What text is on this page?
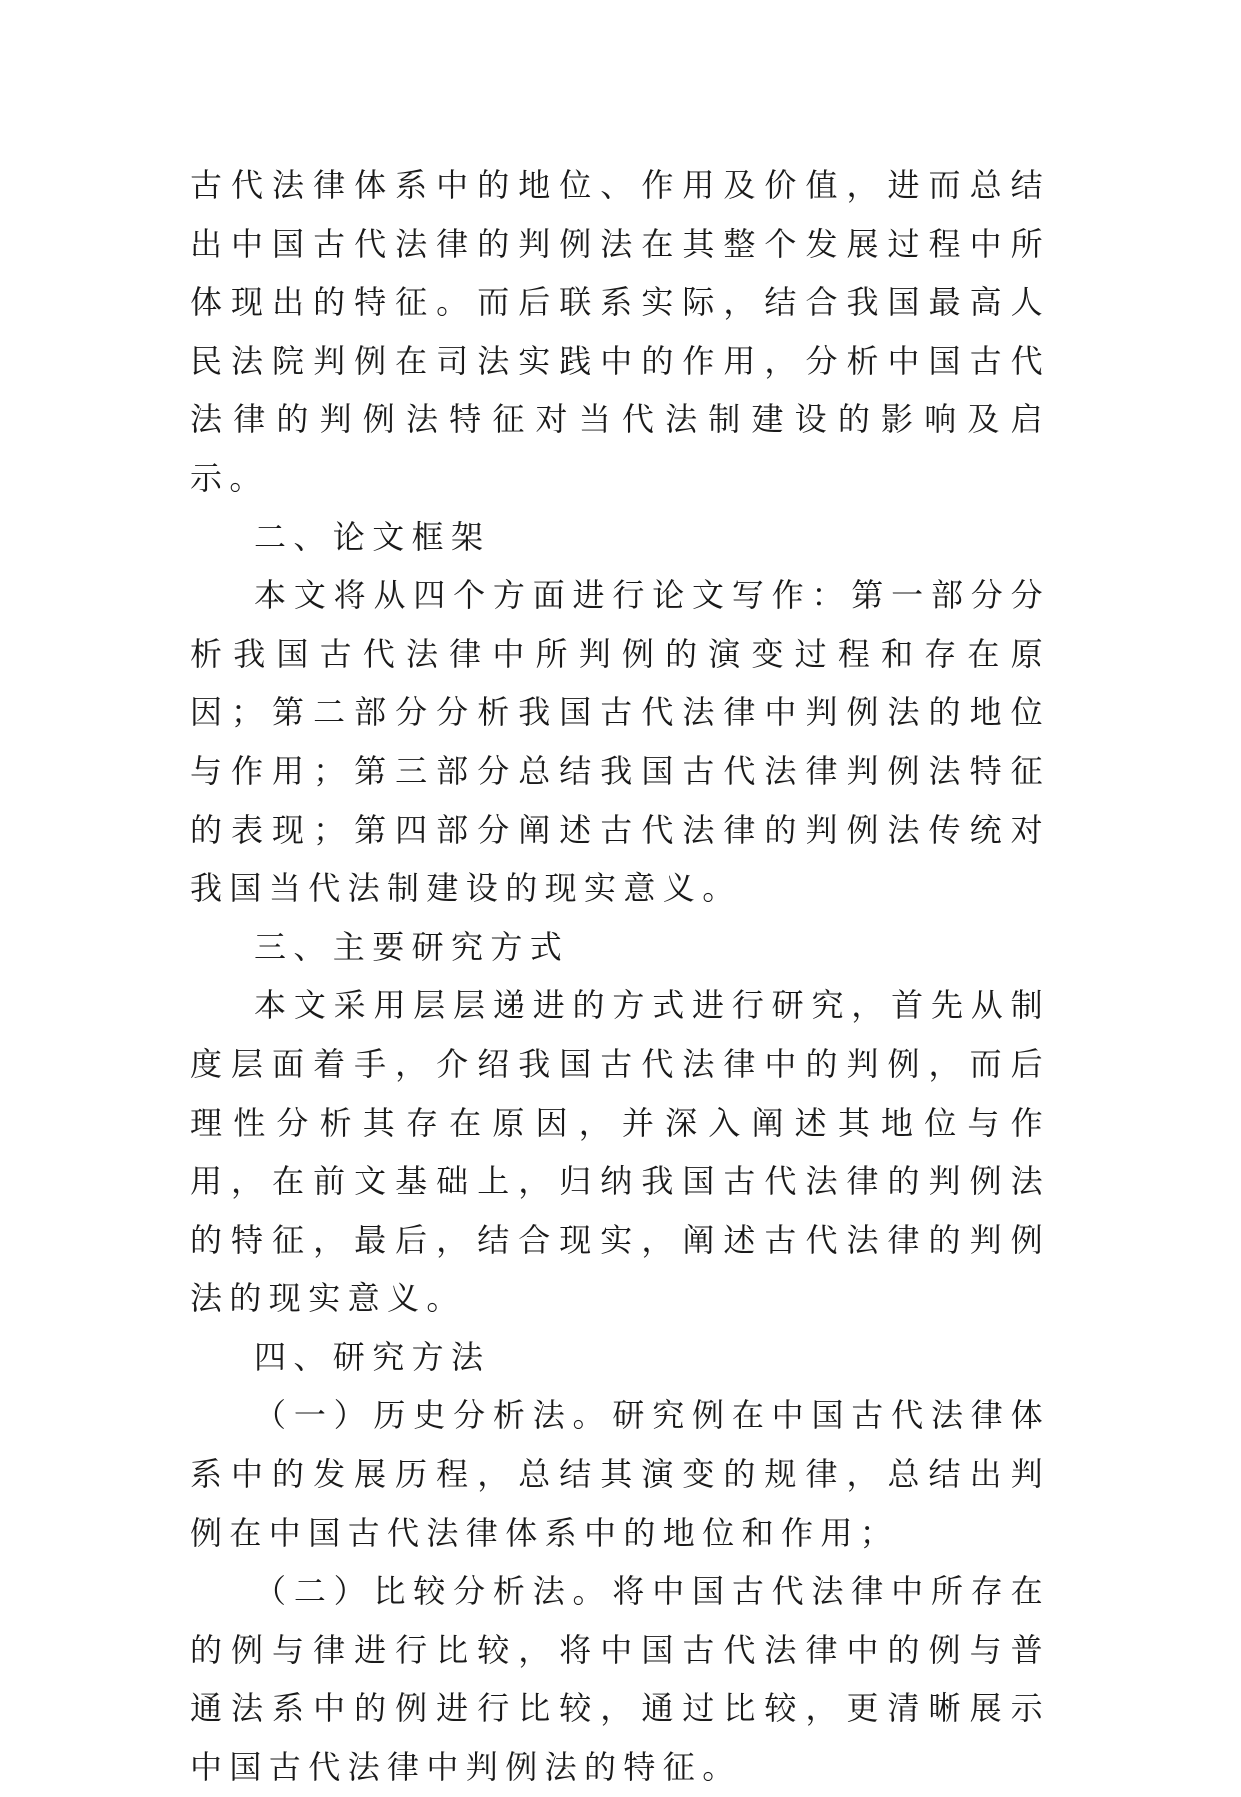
古代法律体系中的地位、作用及价值，进而总结出中国古代法律的判例法在其整个发展过程中所体现出的特征。而后联系实际，结合我国最高人民法院判例在司法实践中的作用，分析中国古代法律的判例法特征对当代法制建设的影响及启示。

二、论文框架

本文将从四个方面进行论文写作：第一部分分析我国古代法律中所判例的演变过程和存在原因；第二部分分析我国古代法律中判例法的地位与作用；第三部分总结我国古代法律判例法特征的表现；第四部分阐述古代法律的判例法传统对我国当代法制建设的现实意义。

三、主要研究方式

本文采用层层递进的方式进行研究，首先从制度层面着手，介绍我国古代法律中的判例，而后理性分析其存在原因，并深入阐述其地位与作用，在前文基础上，归纳我国古代法律的判例法的特征，最后，结合现实，阐述古代法律的判例法的现实意义。

四、研究方法

（一）历史分析法。研究例在中国古代法律体系中的发展历程，总结其演变的规律，总结出判例在中国古代法律体系中的地位和作用；

（二）比较分析法。将中国古代法律中所存在的例与律进行比较，将中国古代法律中的例与普通法系中的例进行比较，通过比较，更清晰展示中国古代法律中判例法的特征。
